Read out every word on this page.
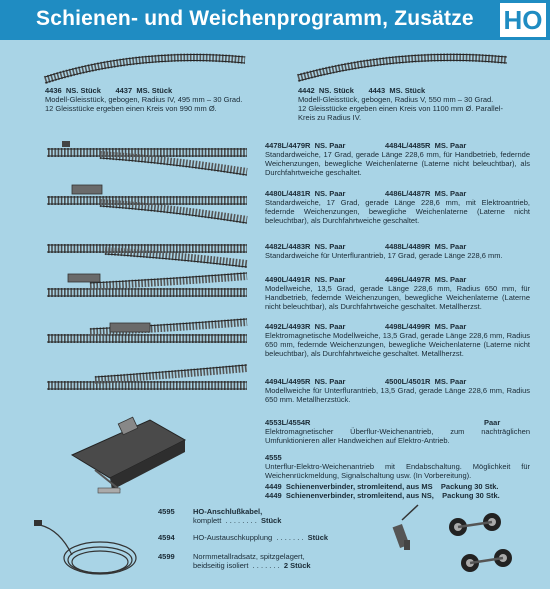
Schienen- und Weichenprogramm, Zusätze HO
4436 NS. Stück 4437 MS. Stück
Modell-Gleisstück, gebogen, Radius IV, 495 mm – 30 Grad.
12 Gleisstücke ergeben einen Kreis von 990 mm Ø.
4442 NS. Stück 4443 MS. Stück
Modell-Gleisstück, gebogen, Radius V, 550 mm – 30 Grad.
12 Gleisstücke ergeben einen Kreis von 1100 mm Ø. Parallel-
Kreis zu Radius IV.
4478L/4479R NS. Paar	4484L/4485R MS. Paar
Standardweiche, 17 Grad, gerade Länge 228,6 mm, für Handbetrieb, federnde Weichenzungen, bewegliche Weichenlaterne (Laterne nicht beleuchtbar), als Durchfahrtweiche geschaltet.
4480L/4481R NS. Paar	4486L/4487R MS. Paar
Standardweiche, 17 Grad, gerade Länge 228,6 mm, mit Elektroantrieb, federnde Weichenzungen, bewegliche Weichenlaterne (Laterne nicht beleuchtbar), als Durchfahrtweiche geschaltet.
4482L/4483R NS. Paar	4488L/4489R MS. Paar
Standardweiche für Unterflurantrieb, 17 Grad, gerade Länge 228,6 mm.
4490L/4491R NS. Paar	4496L/4497R MS. Paar
Modellweiche, 13,5 Grad, gerade Länge 228,6 mm, Radius 650 mm, für Handbetrieb, federnde Weichenzungen, bewegliche Weichenlaterne (Laterne nicht beleuchtbar), als Durchfahrtweiche geschaltet. Metallherzst.
4492L/4493R NS. Paar	4498L/4499R MS. Paar
Elektromagnetische Modellweiche, 13,5 Grad, gerade Länge 228,6 mm, Radius 650 mm, federnde Weichenzungen, bewegliche Weichenlaterne (Laterne nicht beleuchtbar), als Durchfahrtweiche geschaltet. Metallherzst.
4494L/4495R NS. Paar	4500L/4501R MS. Paar
Modellweiche für Unterflurantrieb, 13,5 Grad, gerade Länge 228,6 mm, Radius 650 mm. Metallherzstück.
4553L/4554R	Paar
Elektromagnetischer Überflur-Weichenantrieb, zum nachträglichen Umfunktionieren aller Handweichen auf Elektro-Antrieb.
4555
Unterflur-Elektro-Weichenantrieb mit Endabschaltung. Möglichkeit für Weichenrückmeldung, Signalschaltung usw. (In Vorbereitung).
4449 Schienenverbinder, stromleitend, aus MS Packung 30 Stk.
4449 Schienenverbinder, stromleitend, aus NS, Packung 30 Stk.
4595 HO-Anschlußkabel,
komplett . . . . . . . . Stück
4594 HO-Austauschkupplung . . . . . . . Stück
4599 Normmetallradsatz, spitzgelagert,
beidseitig isoliert . . . . . . . 2 Stück
